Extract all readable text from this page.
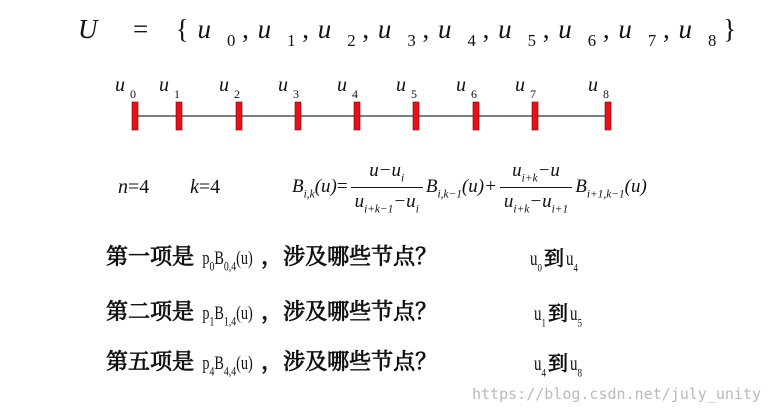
U = { u $_0$ , u $_1$ , u $_2$ , u $_3$ , u $_4$ , u $_5$ , u $_6$ , u $_7$ , u $_8$ }
u $_0$ u $_1$ u $_2$ u $_3$ u $_4$ u $_5$ u $_6$ u $_7$	u $_8$
n=4 k=4	$B_{i,k}(u)= \frac{u-u_i}{u_{i+k-1}-u_i} B_{i,k-1}(u)+ \frac{u_{i+k}-u}{u_{i+k}-u_{i+1}} B_{i+1,k-1}(u)$
第一项是 $p_0B_{0,4}(u)$ ，涉及哪些节点？	$u_0$ 到 $u_4$
第二项是 $p_1B_{1,4}(u)$ ，涉及哪些节点？	$u_1$ 到 $u_5$
第五项是 $p_4B_{4,4}(u)$ ，涉及哪些节点？	$u_4$ 到 $u_8$
https://blog.csdn.net/july_unity
